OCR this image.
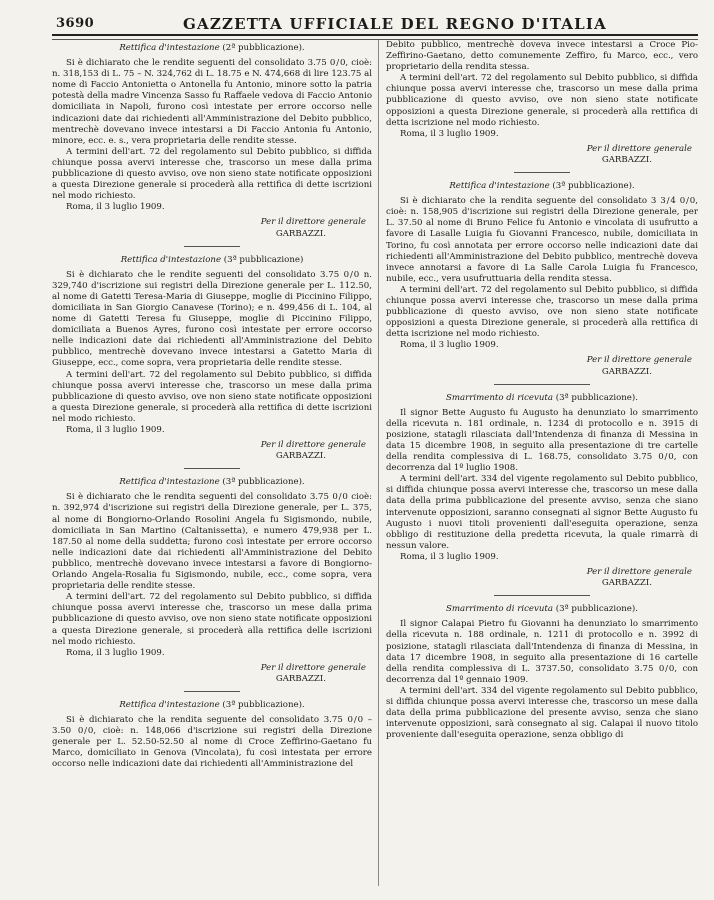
3690	GAZZETTA UFFICIALE DEL REGNO D'ITALIA
Rettifica d'intestazione (2ª pubblicazione).

Si è dichiarato che le rendite seguenti del consolidato 3.75 0 / 0, cioè: n. 318,153 di L. 75 – N. 324,762 di L. 18.75 e N. 474,668 di lire 123.75 al nome di Faccio Antonietta o Antonella fu Antonio, minore sotto la patria potestà della madre Vincenza Sasso fu Raffaele vedova di Faccio Antonio domiciliata in Napoli, furono così intestate per errore occorso nelle indicazioni date dai richiedenti all'Amministrazione del Debito pubblico, mentrechè dovevano invece intestarsi a Di Faccio Antonia fu Antonio, minore, ecc. e. s., vera proprietaria delle rendite stesse.

A termini dell'art. 72 del regolamento sul Debito pubblico, si diffida chiunque possa avervi interesse che, trascorso un mese dalla prima pubblicazione di questo avviso, ove non sieno state notificate opposizioni a questa Direzione generale si procederà alla rettifica di dette iscrizioni nel modo richiesto.

Roma, il 3 luglio 1909.

Per il direttore generale
GARBAZZI.
Rettifica d'intestazione (3ª pubblicazione)

Si è dichiarato che le rendite seguenti del consolidato 3.75 0 / 0 n. 329,740 d'iscrizione sui registri della Direzione generale per L. 112.50, al nome di Gatetti Teresa-Maria di Giuseppe, moglie di Piccinino Filippo, domiciliata in San Giorgio Canavese (Torino); e n. 499,456 di L. 104, al nome di Gatetti Teresa fu Giuseppe, moglie di Piccinino Filippo, domiciliata a Buenos Ayres, furono così intestate per errore occorso nelle indicazioni date dai richiedenti all'Amministrazione del Debito pubblico, mentrechè dovevano invece intestarsi a Gatetto Maria di Giuseppe, ecc., come sopra, vera proprietaria delle rendite stesse.

A termini dell'art. 72 del regolamento sul Debito pubblico, si diffida chiunque possa avervi interesse che, trascorso un mese dalla prima pubblicazione di questo avviso, ove non sieno state notificate opposizioni a questa Direzione generale, si procederà alla rettifica di dette iscrizioni nel modo richiesto.

Roma, il 3 luglio 1909.

Per il direttore generale
GARBAZZI.
Rettifica d'intestazione (3ª pubblicazione).

Si è dichiarato che le rendita seguenti del consolidato 3.75 0 / 0 cioè: n. 392,974 d'iscrizione sui registri della Direzione generale, per L. 375, al nome di Bongiorno-Orlando Rosolini Angela fu Sigismondo, nubile, domiciliata in San Martino (Caltanissetta), e numero 479,938 per L. 187.50 al nome della suddetta; furono così intestate per errore occorso nelle indicazioni date dai richiedenti all'Amministrazione del Debito pubblico, mentrechè dovevano invece intestarsi a favore di Bongiorno-Orlando Angela-Rosalia fu Sigismondo, nubile, ecc., come sopra, vera proprietaria delle rendite stesse.

A termini dell'art. 72 del regolamento sul Debito pubblico, si diffida chiunque possa avervi interesse che, trascorso un mese dalla prima pubblicazione di questo avviso, ove non sieno state notificate opposizioni a questa Direzione generale, si procederà alla rettifica delle iscrizioni nel modo richiesto.

Roma, il 3 luglio 1909.

Per il direttore generale
GARBAZZI.
Rettifica d'intestazione (3ª pubblicazione).

Si è dichiarato che la rendita seguente del consolidato 3.75 0 / 0 – 3.50 0 / 0, cioè: n. 148,066 d'iscrizione sui registri della Direzione generale per L. 52.50-52.50 al nome di Croce Zeffirino-Gaetano fu Marco, domiciliato in Genova (Vincolata), fu così intestata per errore occorso nelle indicazioni date dai richiedenti all'Amministrazione del

Debito pubblico, mentrechè doveva invece intestarsi a Croce Pio-Zeffirino-Gaetano, detto comunemente Zeffiro, fu Marco, ecc., vero proprietario della rendita stessa.

A termini dell'art. 72 del regolamento sul Debito pubblico, si diffida chiunque possa avervi interesse che, trascorso un mese dalla prima pubblicazione di questo avviso, ove non sieno state notificate opposizioni a questa Direzione generale, si procederà alla rettifica di detta iscrizione nel modo richiesto.

Roma, il 3 luglio 1909.

Per il direttore generale
GARBAZZI.
Rettifica d'intestazione (3ª pubblicazione).

Si è dichiarato che la rendita seguente del consolidato 3 3 / 4 0 / 0, cioè: n. 158,905 d'iscrizione sui registri della Direzione generale, per L. 37.50 al nome di Bruno Felice fu Antonio e vincolata di usufrutto a favore di Lasalle Luigia fu Giovanni Francesco, nubile, domiciliata in Torino, fu così annotata per errore occorso nelle indicazioni date dai richiedenti all'Amministrazione del Debito pubblico, mentrechè doveva invece annotarsi a favore di La Salle Carola Luigia fu Francesco, nubile, ecc., vera usufruttuaria della rendita stessa.

A termini dell'art. 72 del regolamento sul Debito pubblico, si diffida chiunque possa avervi interesse che, trascorso un mese dalla prima pubblicazione di questo avviso, ove non sieno state notificate opposizioni a questa Direzione generale, si procederà alla rettifica di detta iscrizione nel modo richiesto.

Roma, il 3 luglio 1909.

Per il direttore generale
GARBAZZI.
Smarrimento di ricevuta (3ª pubblicazione).

Il signor Bette Augusto fu Augusto ha denunziato lo smarrimento della ricevuta n. 181 ordinale, n. 1234 di protocollo e n. 3915 di posizione, statagli rilasciata dall'Intendenza di finanza di Messina in data 15 dicembre 1908, in seguito alla presentazione di tre cartelle della rendita complessiva di L. 168.75, consolidato 3.75 0 / 0, con decorrenza dal 1º luglio 1908.

A termini dell'art. 334 del vigente regolamento sul Debito pubblico, si diffida chiunque possa avervi interesse che, trascorso un mese dalla data della prima pubblicazione del presente avviso, senza che siano intervenute opposizioni, saranno consegnati al signor Bette Augusto fu Augusto i nuovi titoli provenienti dall'eseguita operazione, senza obbligo di restituzione della predetta ricevuta, la quale rimarrà di nessun valore.

Roma, il 3 luglio 1909.

Per il direttore generale
GARBAZZI.
Smarrimento di ricevuta (3ª pubblicazione).

Il signor Calapai Pietro fu Giovanni ha denunziato lo smarrimento della ricevuta n. 188 ordinale, n. 1211 di protocollo e n. 3992 di posizione, statagli rilasciata dall'Intendenza di finanza di Messina, in data 17 dicembre 1908, in seguito alla presentazione di 16 cartelle della rendita complessiva di L. 3737.50, consolidato 3.75 0 / 0, con decorrenza dal 1º gennaio 1909.

A termini dell'art. 334 del vigente regolamento sul Debito pubblico, si diffida chiunque possa avervi interesse che, trascorso un mese dalla data della prima pubblicazione del presente avviso, senza che siano intervenute opposizioni, sarà consegnato al sig. Calapai il nuovo titolo proveniente dall'eseguita operazione, senza obbligo di
